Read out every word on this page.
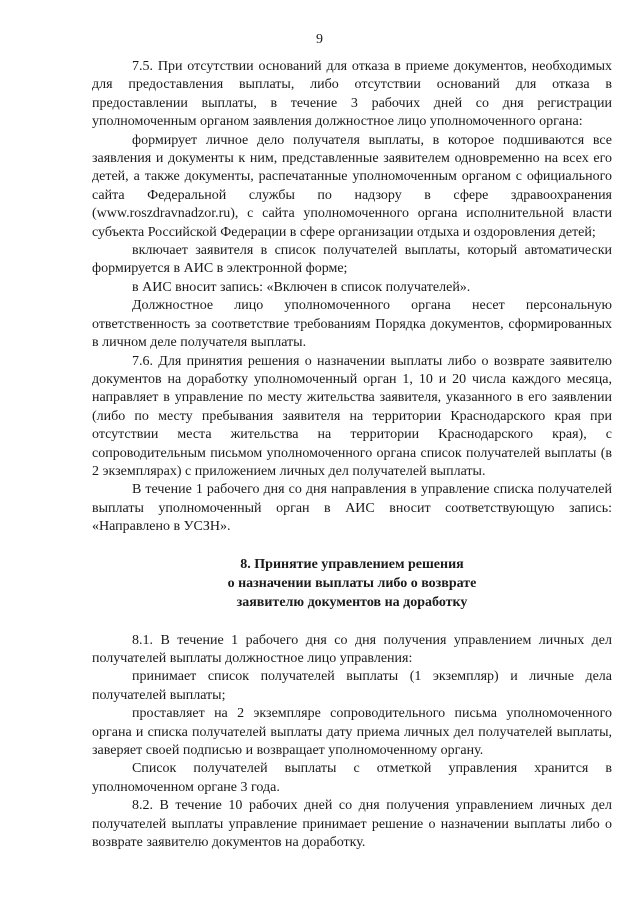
9

7.5. При отсутствии оснований для отказа в приеме документов, необходимых для предоставления выплаты, либо отсутствии оснований для отказа в предоставлении выплаты, в течение 3 рабочих дней со дня регистрации уполномоченным органом заявления должностное лицо уполномоченного органа:

формирует личное дело получателя выплаты, в которое подшиваются все заявления и документы к ним, представленные заявителем одновременно на всех его детей, а также документы, распечатанные уполномоченным органом с официального сайта Федеральной службы по надзору в сфере здравоохранения (www.roszdravnadzor.ru), с сайта уполномоченного органа исполнительной власти субъекта Российской Федерации в сфере организации отдыха и оздоровления детей;

включает заявителя в список получателей выплаты, который автоматически формируется в АИС в электронной форме;

в АИС вносит запись: «Включен в список получателей».

Должностное лицо уполномоченного органа несет персональную ответственность за соответствие требованиям Порядка документов, сформированных в личном деле получателя выплаты.

7.6. Для принятия решения о назначении выплаты либо о возврате заявителю документов на доработку уполномоченный орган 1, 10 и 20 числа каждого месяца, направляет в управление по месту жительства заявителя, указанного в его заявлении (либо по месту пребывания заявителя на территории Краснодарского края при отсутствии места жительства на территории Краснодарского края), с сопроводительным письмом уполномоченного органа список получателей выплаты (в 2 экземплярах) с приложением личных дел получателей выплаты.

В течение 1 рабочего дня со дня направления в управление списка получателей выплаты уполномоченный орган в АИС вносит соответствующую запись: «Направлено в УСЗН».

8. Принятие управлением решения
о назначении выплаты либо о возврате
заявителю документов на доработку

8.1. В течение 1 рабочего дня со дня получения управлением личных дел получателей выплаты должностное лицо управления:

принимает список получателей выплаты (1 экземпляр) и личные дела получателей выплаты;

проставляет на 2 экземпляре сопроводительного письма уполномоченного органа и списка получателей выплаты дату приема личных дел получателей выплаты, заверяет своей подписью и возвращает уполномоченному органу.

Список получателей выплаты с отметкой управления хранится в уполномоченном органе 3 года.

8.2. В течение 10 рабочих дней со дня получения управлением личных дел получателей выплаты управление принимает решение о назначении выплаты либо о возврате заявителю документов на доработку.
